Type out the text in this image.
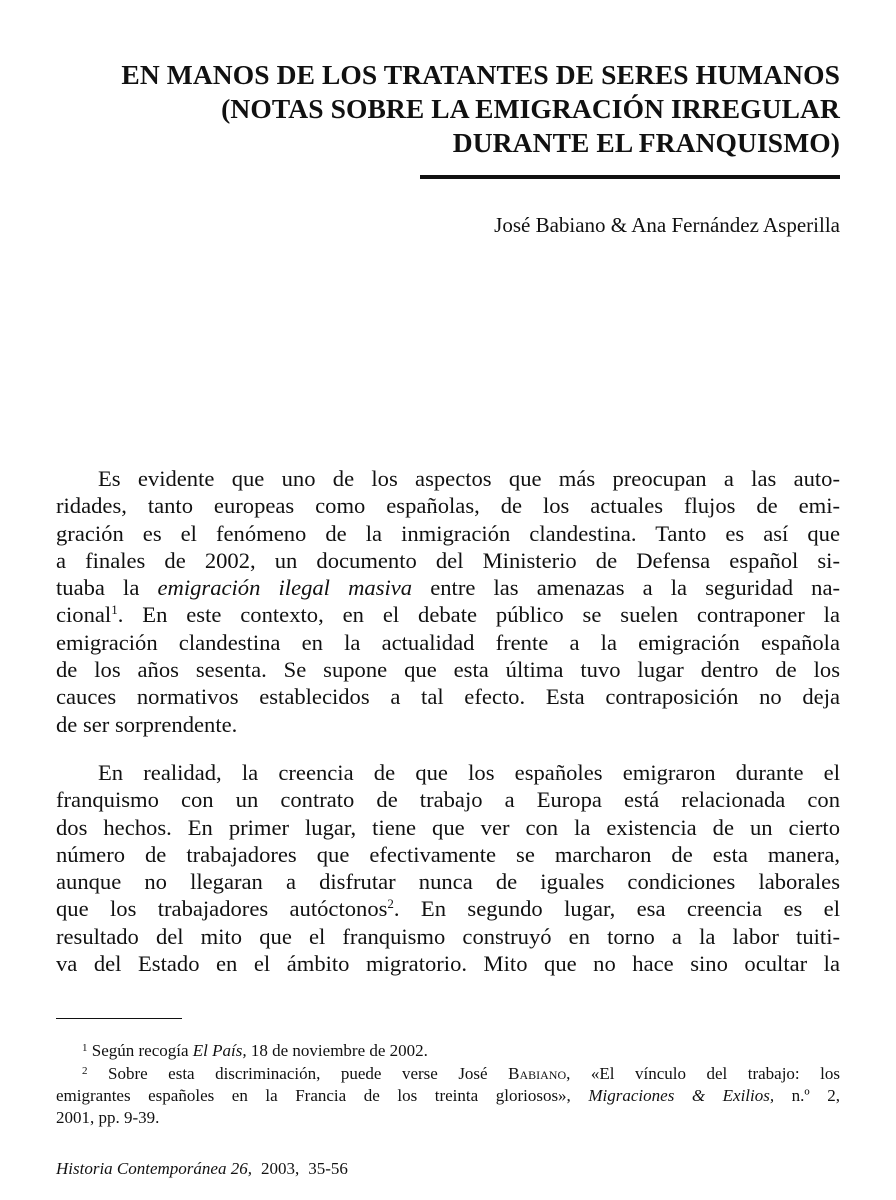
EN MANOS DE LOS TRATANTES DE SERES HUMANOS
(NOTAS SOBRE LA EMIGRACIÓN IRREGULAR
DURANTE EL FRANQUISMO)
José Babiano & Ana Fernández Asperilla
Es evidente que uno de los aspectos que más preocupan a las auto-
ridades, tanto europeas como españolas, de los actuales flujos de emi-
gración es el fenómeno de la inmigración clandestina. Tanto es así que
a finales de 2002, un documento del Ministerio de Defensa español si-
tuaba la emigración ilegal masiva entre las amenazas a la seguridad na-
cional$^1$. En este contexto, en el debate público se suelen contraponer la
emigración clandestina en la actualidad frente a la emigración española
de los años sesenta. Se supone que esta última tuvo lugar dentro de los
cauces normativos establecidos a tal efecto. Esta contraposición no deja
de ser sorprendente.
En realidad, la creencia de que los españoles emigraron durante el
franquismo con un contrato de trabajo a Europa está relacionada con
dos hechos. En primer lugar, tiene que ver con la existencia de un cierto
número de trabajadores que efectivamente se marcharon de esta manera,
aunque no llegaran a disfrutar nunca de iguales condiciones laborales
que los trabajadores autóctonos$^2$. En segundo lugar, esa creencia es el
resultado del mito que el franquismo construyó en torno a la labor tuiti-
va del Estado en el ámbito migratorio. Mito que no hace sino ocultar la
$^1$ Según recogía El País, 18 de noviembre de 2002.
$^2$ Sobre esta discriminación, puede verse José Babiano, «El vínculo del trabajo: los
emigrantes españoles en la Francia de los treinta gloriosos», Migraciones & Exilios, n.º 2,
2001, pp. 9-39.
Historia Contemporánea 26, 2003, 35-56
